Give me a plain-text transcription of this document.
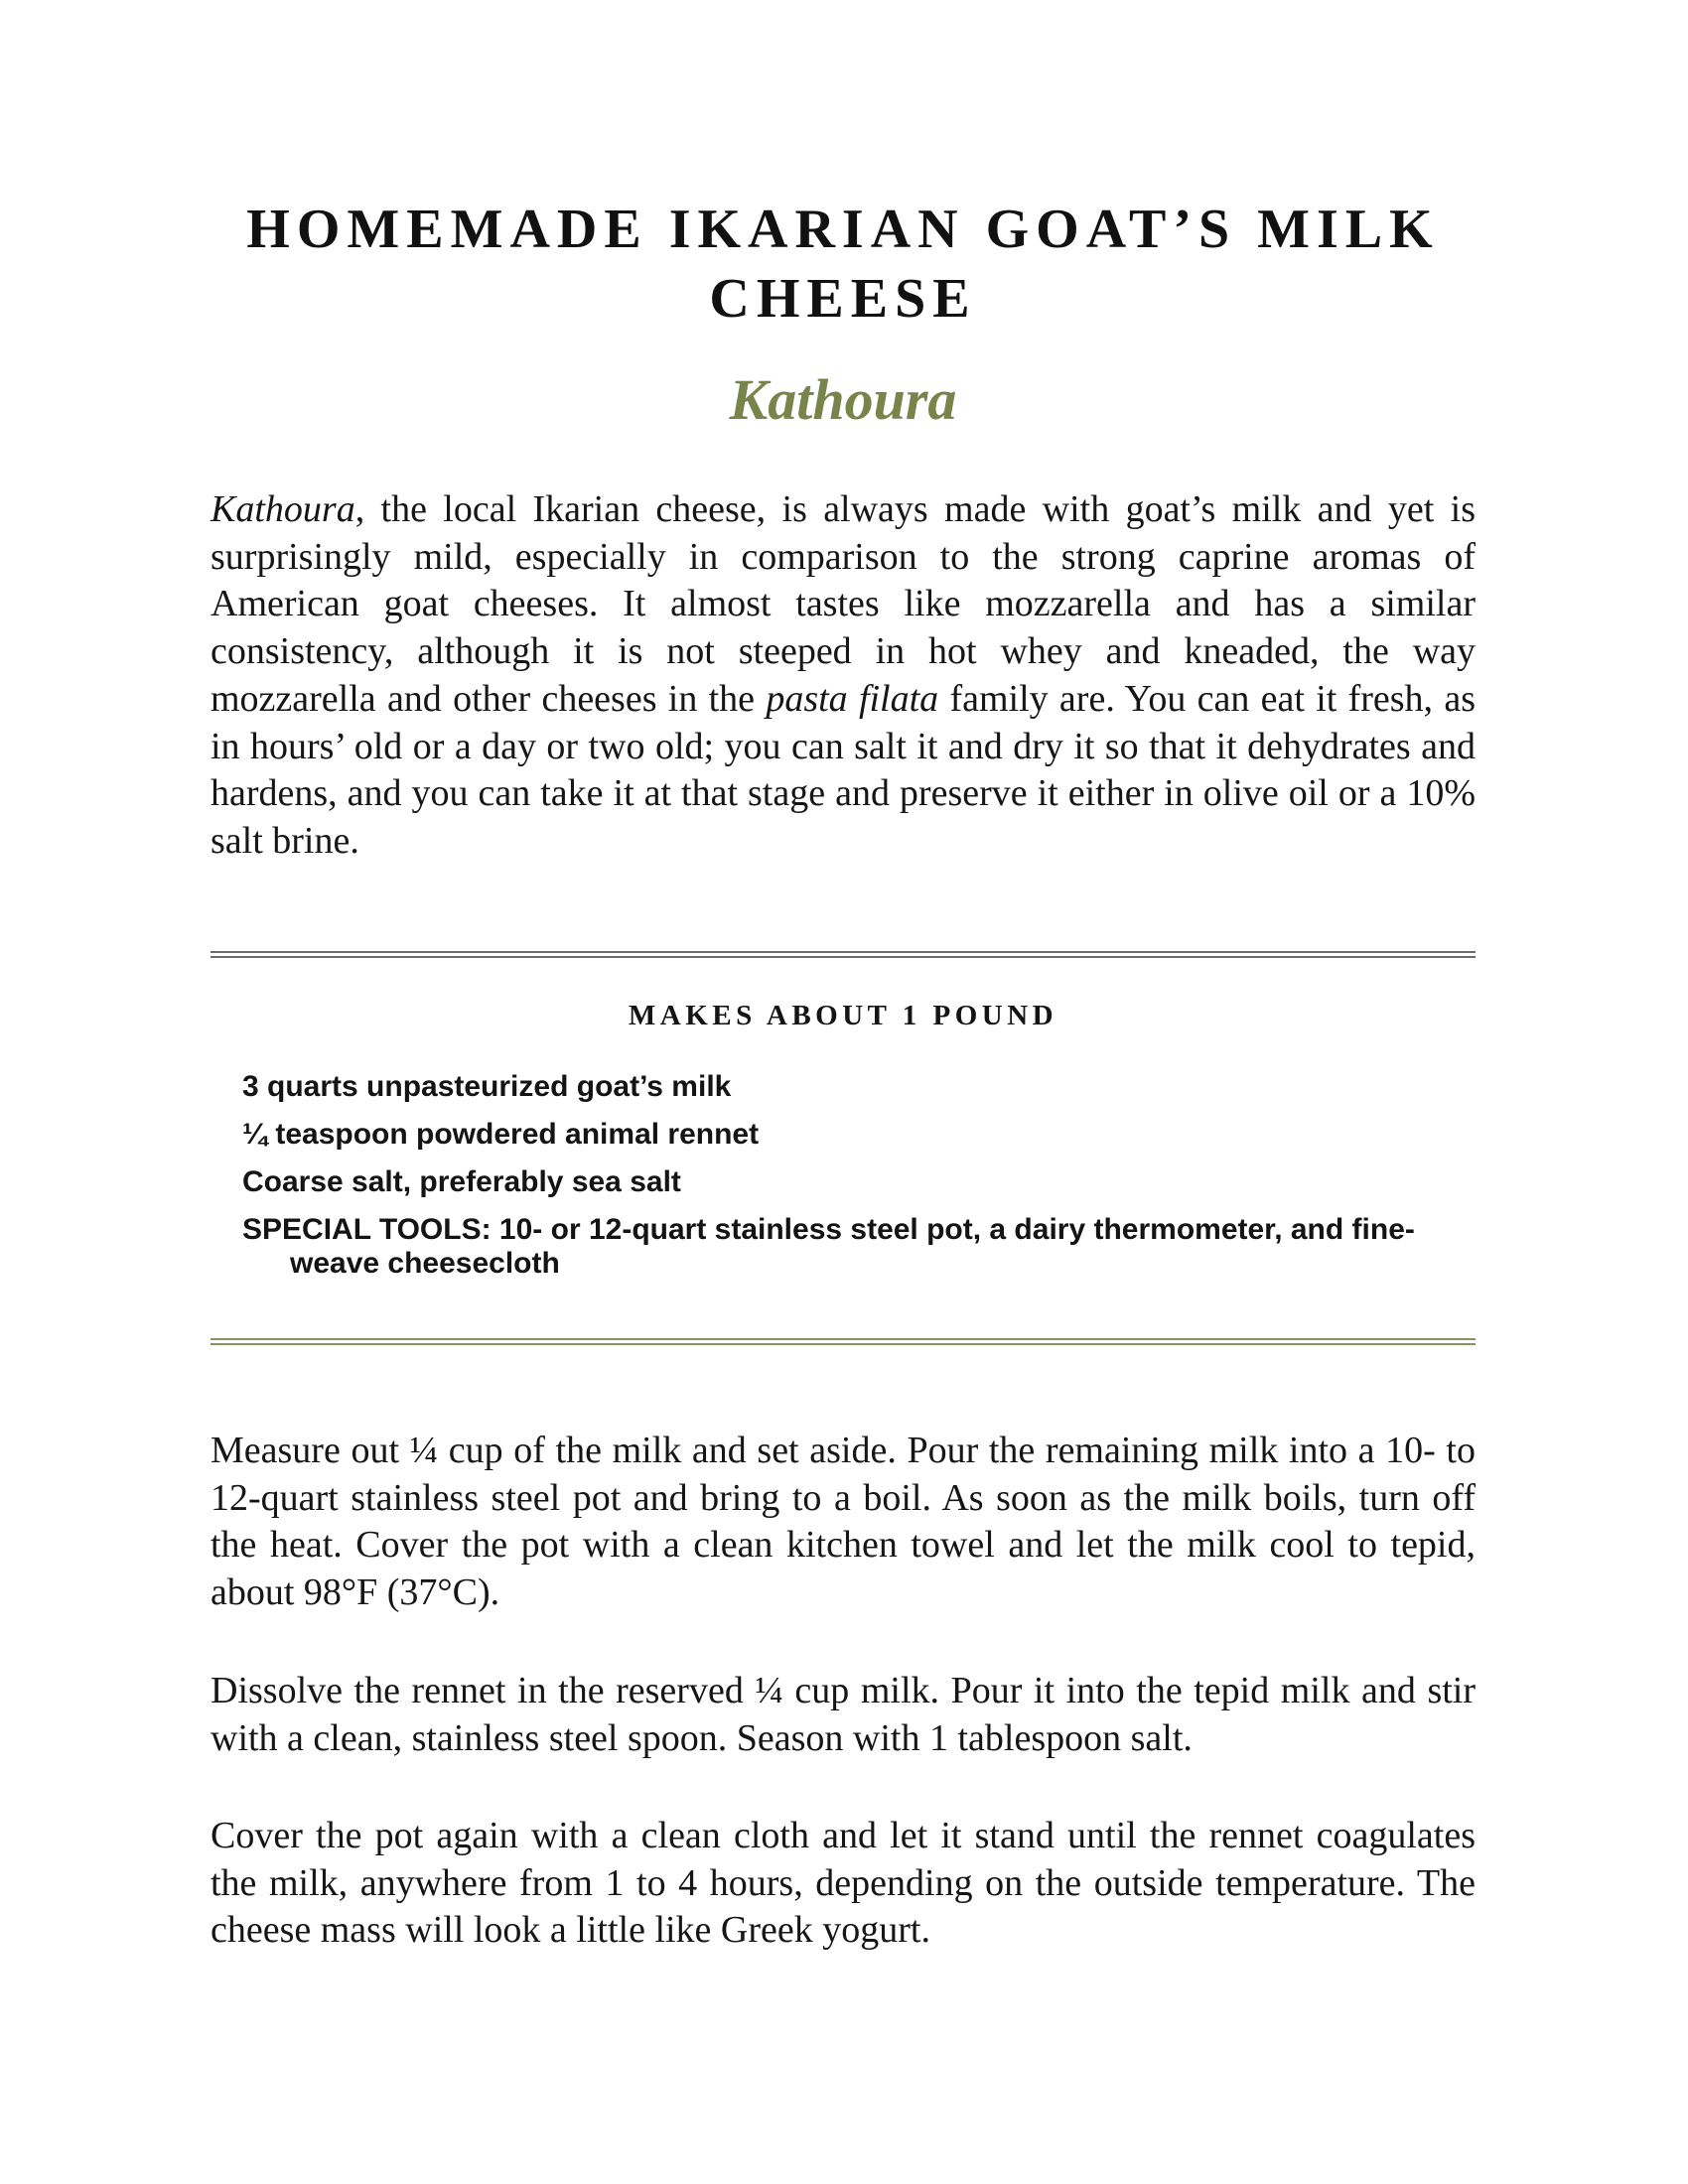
HOMEMADE IKARIAN GOAT’S MILK CHEESE
Kathoura

Kathoura, the local Ikarian cheese, is always made with goat’s milk and yet is surprisingly mild, especially in comparison to the strong caprine aromas of American goat cheeses. It almost tastes like mozzarella and has a similar consistency, although it is not steeped in hot whey and kneaded, the way mozzarella and other cheeses in the pasta filata family are. You can eat it fresh, as in hours’ old or a day or two old; you can salt it and dry it so that it dehydrates and hardens, and you can take it at that stage and preserve it either in olive oil or a 10% salt brine.

MAKES ABOUT 1 POUND

3 quarts unpasteurized goat’s milk
¼ teaspoon powdered animal rennet
Coarse salt, preferably sea salt
SPECIAL TOOLS: 10- or 12-quart stainless steel pot, a dairy thermometer, and fine-weave cheesecloth

Measure out ¼ cup of the milk and set aside. Pour the remaining milk into a 10- to 12-quart stainless steel pot and bring to a boil. As soon as the milk boils, turn off the heat. Cover the pot with a clean kitchen towel and let the milk cool to tepid, about 98°F (37°C).

Dissolve the rennet in the reserved ¼ cup milk. Pour it into the tepid milk and stir with a clean, stainless steel spoon. Season with 1 tablespoon salt.

Cover the pot again with a clean cloth and let it stand until the rennet coagulates the milk, anywhere from 1 to 4 hours, depending on the outside temperature. The cheese mass will look a little like Greek yogurt.
